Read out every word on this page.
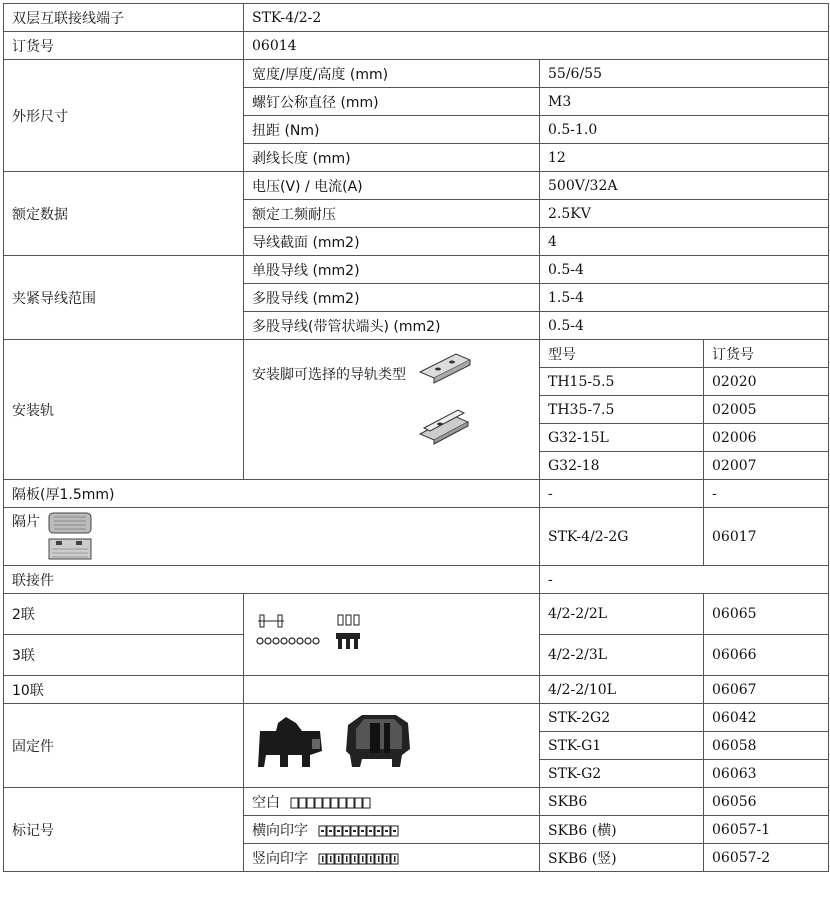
双层互联接线端子	STK-4/2-2		
订货号	06014		
外形尺寸	宽度/厚度/高度 (mm)	55/6/55	
	螺钉公称直径 (mm)	M3	
	扭距 (Nm)	0.5-1.0	
	剥线长度 (mm)	12	
额定数据	电压(V) / 电流(A)	500V/32A	
	额定工频耐压	2.5KV	
	导线截面 (mm2)	4	
夹紧导线范围	单股导线 (mm2)	0.5-4	
	多股导线 (mm2)	1.5-4	
	多股导线(带管状端头) (mm2)	0.5-4	
安装轨	安装脚可选择的导轨类型	型号	订货号
		TH15-5.5	02020
		TH35-7.5	02005
		G32-15L	02006
		G32-18	02007
隔板(厚1.5mm)		-	-
隔片		STK-4/2-2G	06017
联接件		-	
2联		4/2-2/2L	06065
3联		4/2-2/3L	06066
10联		4/2-2/10L	06067
固定件		STK-2G2	06042
		STK-G1	06058
		STK-G2	06063
标记号	空白	SKB6	06056
	横向印字	SKB6 (横)	06057-1
	竖向印字	SKB6 (竖)	06057-2
